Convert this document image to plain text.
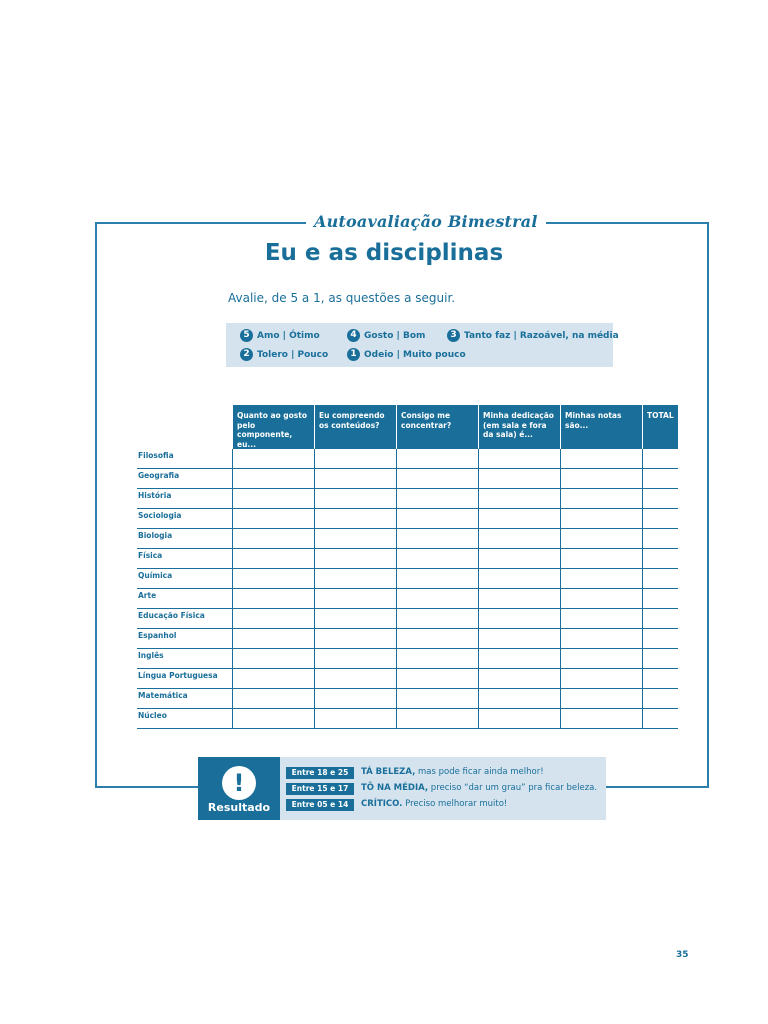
Autoavaliação Bimestral
Eu e as disciplinas
Avalie, de 5 a 1, as questões a seguir.
5 Amo | Ótimo	4 Gosto | Bom	3 Tanto faz | Razoável, na média
2 Tolero | Pouco	1 Odeio | Muito pouco
	Quanto ao gosto pelo componente, eu...	Eu compreendo os conteúdos?	Consigo me concentrar?	Minha dedicação (em sala e fora da sala) é...	Minhas notas são...	TOTAL
Filosofia						
Geografia						
História						
Sociologia						
Biologia						
Física						
Química						
Arte						
Educação Física						
Espanhol						
Inglês						
Língua Portuguesa						
Matemática						
Núcleo						
!
Resultado
Entre 18 e 25	TÁ BELEZA, mas pode ficar ainda melhor!
Entre 15 e 17	TÔ NA MÉDIA, preciso “dar um grau” pra ficar beleza.
Entre 05 e 14	CRÍTICO. Preciso melhorar muito!
35
